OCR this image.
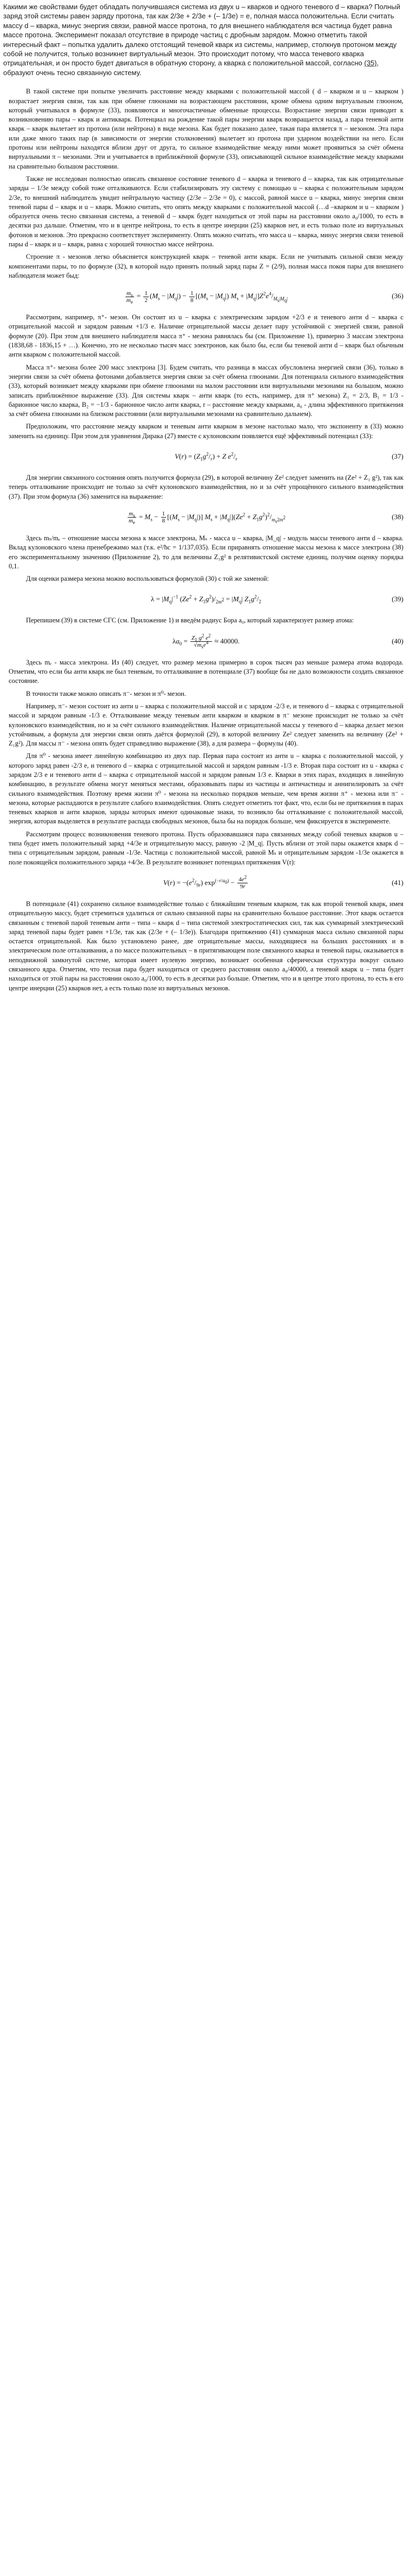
Какими же свойствами будет обладать получившаяся система из двух u – кварков и одного теневого d – кварка? Полный заряд этой системы равен заряду протона, так как 2/3е + 2/3е + (– 1/3е) = е, полная масса положительна. Если считать массу d – кварка, минус энергия связи, равной массе протона, то для внешнего наблюдателя вся частица будет равна массе протона. Эксперимент показал отсутствие в природе частиц с дробным зарядом. Можно отметить такой интересный факт – попытка удалить далеко отстоящий теневой кварк из системы, например, столкнув протоном между собой не получится, только возникнет виртуальный мезон. Это происходит потому, что масса теневого кварка отрицательная, и он просто будет двигаться в обратную сторону, а кварка с положительной массой, согласно (35), образуют очень тесно связанную систему.

В такой системе при попытке увеличить расстояние между кварками с положительной массой ( d – кварком и u – кварком ) возрастает энергия связи, так как при обмене глюонами на возрастающем расстоянии, кроме обмена одним виртуальным глюоном, который учитывался в формуле (33), появляются и многочастичные обменные процессы. Возрастание энергии связи приводит к возникновению пары – кварк и антикварк. Потенциал на рождение такой пары энергии кварк возвращается назад, а пара теневой анти кварк – кварк вылетает из протона (или нейтрона) в виде мезона. Как будет показано далее, такая пара является π – мезоном. Эта пара или даже много таких пар (в зависимости от энергии столкновения) вылетает из протона при ударном воздействии на него. Если протоны или нейтроны находятся вблизи друг от друга, то сильное взаимодействие между ними может проявиться за счёт обмена виртуальными π – мезонами. Эти и учитывается в приближённой формуле (33), описывающей сильное взаимодействие между кварками на сравнительно большом расстоянии.

Также не исследован полностью описать связанное состояние теневого d – кварка и теневого d – кварка, так как отрицательные заряды – 1/3е между собой тоже отталкиваются. Если стабилизировать эту систему с помощью u – кварка с положительным зарядом 2/3е, то внешний наблюдатель увидит нейтральную частицу (2/3е – 2/3е = 0), с массой, равной массе u – кварка, минус энергия связи теневой пары d – кварк и u – кварк. Можно считать, что опять между кварками с положительной массой (…d –кварком и u – кварком ) образуется очень тесно связанная система, а теневой d – кварк будет находиться от этой пары на расстоянии около a₀/1000, то есть в десятки раз дальше. Отметим, что и в центре нейтрона, то есть в центре инерции (25) кварков нет, и есть только поле из виртуальных фотонов и мезонов. Это прекрасно соответствует эксперименту. Опять можно считать, что масса u – кварка, минус энергия связи теневой пары d – кварк и u – кварк, равна с хорошей точностью массе нейтрона.

Строение π - мезонов легко объясняется конструкцией кварк – теневой анти кварк. Если не учитывать сильной связи между компонентами пары, то по формуле (32), в которой надо принять полный заряд пары Z = (2/9), полная масса покоя пары для внешнего наблюдателя может быд:

$\frac{m_s}{m_e} = \frac{1}{2} (M_s - |M_q|) - \frac{1}{8} [(M_s - |M_q|) M_s + |M_q|]Z^2e^4/_{M_s|M_q|}$	(36)

Рассмотрим, например, π⁺- мезон. Он состоит из u – кварка с электрическим зарядом +2/3 е и теневого анти d – кварка с отрицательной массой и зарядом равным +1/3 е. Наличие отрицательной массы делает пару устойчивой с энергией связи, равной формуле (20). При этом для внешнего наблюдателя масса π⁺ - мезона равнялась бы (см. Приложение 1), примерно 3 массам электрона (1838,68 - 1836,15 + …). Конечно, это не несколько тысяч масс электронов, как было бы, если бы теневой анти d – кварк был обычным анти кварком с положительной массой.

Масса π⁺- мезона более 200 масс электрона [3]. Будем считать, что разница в массах обусловлена энергией связи (36), только в энергии связи за счёт обмена фотонами добавляется энергия связи за счёт обмена глюонами. Для потенциала сильного взаимодействия (33), который возникает между кварками при обмене глюонами на малом расстоянии или виртуальными мезонами на большом, можно записать приближённое выражение (33). Для системы кварк – анти кварк (то есть, например, для π⁺ мезона) Z₁ = 2/3, B₁ = 1/3 - барионное число кварка, B₂ = −1/3 - барионное число анти кварка, r – расстояние между кварками, a₀ - длина эффективного притяжения за счёт обмена глюонами на близком расстоянии (или виртуальными мезонами на сравнительно дальнем).

Предположим, что расстояние между кварком и теневым анти кварком в мезоне настолько мало, что экспоненту в (33) можно заменить на единицу. При этом для уравнения Дирака (27) вместе с кулоновским появляется ещё эффективный потенциал (33):

$V(r) = (Z_1g^2/_r) + Z$ $e^2/_r$	(37)

Для энергии связанного состояния опять получится формула (29), в которой величину Ze² следует заменить на (Ze² + Z₁ g²), так как теперь отталкивание происходит не только за счёт кулоновского взаимодействия, но и за счёт упрощённого сильного взаимодействия (37). При этом формула (36) заменится на выражение:

$\frac{m_s}{m_e} = M_s - \frac{1}{8} [(M_s - |M_q|)] M_s + |M_q|](Ze^2 + Z_1g^2)^2/_{m_s2m^2}$	(38)

Здесь mₛ/mₑ – отношение массы мезона к массе электрона, Mₛ - масса u – кварка, |M_q| - модуль массы теневого анти d – кварка. Вклад кулоновского члена пренебрежимо мал (т.к. e²/ħc = 1/137,035). Если приравнять отношение массы мезона к массе электрона (38) его экспериментальному значению (Приложение 2), то для величины Z₁g² в релятивистской системе единиц, получим оценку порядка 0,1.

Для оценки размера мезона можно воспользоваться формулой (30) с той же заменой:

$\lambda = |M_q|^{-1}$ $(Ze^2 + Z_1g^2)/_{2m^2} = |M_q|$ $Z_1g^2/_2$	(39)

Перепишем (39) в системе СГС (см. Приложение 1) и введём радиус Бора a₀, который характеризует размер атома:

$\lambda a_0 = \frac{Z_1 g^2 e^2}{√m_se^4} \approx 40000$.	(40)

Здесь mₑ - масса электрона. Из (40) следует, что размер мезона примерно в сорок тысяч раз меньше размера атома водорода. Отметим, что если бы анти кварк не был теневым, то отталкивание в потенциале (37) вообще бы не дало возможности создать связанное состояние.

В точности также можно описать π⁻- мезон и π⁰- мезон.

Например, π⁻- мезон состоит из анти u – кварка с положительной массой и с зарядом -2/3 е, и теневого d – кварка с отрицательной массой и зарядом равным -1/3 е. Отталкивание между теневым анти кварком и кварком в π⁻ мезоне происходит не только за счёт кулоновского взаимодействия, но и за счёт сильного взаимодействия. Наличие отрицательной массы у теневого d – кварка делает мезон устойчивым, а формула для энергии связи опять даётся формулой (29), в которой величину Ze² следует заменить на величину (Ze² + Z₁g²). Для массы π⁻ - мезона опять будет справедливо выражение (38), а для размера – формулы (40).

Для π⁰ - мезона имеет линейную комбинацию из двух пар. Первая пара состоит из анти u – кварка с положительной массой, у которого заряд равен -2/3 е, и теневого d – кварка с отрицательной массой и зарядом равным -1/3 е. Вторая пара состоит из u - кварка с зарядом 2/3 е и теневого анти d – кварка с отрицательной массой и зарядом равным 1/3 е. Кварки в этих парах, входящих в линейную комбинацию, в результате обмена могут меняться местами, образовывать пары из частицы и античастицы и аннигилировать за счёт сильного взаимодействия. Поэтому время жизни π⁰ - мезона на несколько порядков меньше, чем время жизни π⁺ - мезона или π⁻ - мезона, которые распадаются в результате слабого взаимодействия. Опять следует отметить тот факт, что, если бы не притяжения в парах теневых кварков и анти кварков, заряды которых имеют одинаковые знаки, то возникло бы отталкивание с положительной массой, энергия, которая выделяется в результате распада свободных мезонов, была бы на порядок больше, чем фиксируется в эксперименте.

Рассмотрим процесс возникновения теневого протона. Пусть образовавшаяся пара связанных между собой теневых кварков u – типа будет иметь положительный заряд +4/3е и отрицательную массу, равную -2 |M_q|. Пусть вблизи от этой пары окажется кварк d – типа с отрицательным зарядом, равным -1/3е. Частица с положительной массой, равной Mₛ и отрицательным зарядом -1/3е окажется в поле покоящейся положительного заряда +4/3е. В результате возникнет потенциал притяжения V(r):

$V(r) = -(e^2/_{9r}) \exp^{(-r/a_0)} - \frac{4e^2}{9r}$	(41)

В потенциале (41) сохранено сильное взаимодействие только с ближайшим теневым кварком, так как второй теневой кварк, имея отрицательную массу, будет стремиться удалиться от сильно связанной пары на сравнительно большое расстояние. Этот кварк остается связанным с теневой парой теневым анти – типа – кварк d – типа системой электростатических сил, так как суммарный электрический заряд теневой пары будет равен +1/3е, так как (2/3е + (– 1/3е)). Благодаря притяжению (41) суммарная масса сильно связанной пары остается отрицательной. Как было установлено ранее, две отрицательные массы, находящиеся на больших расстояниях и в электрическом поле отталкивания, а по массе положительных – в притягивающем поле связанного кварка и теневой пары, оказывается в неподвижной замкнутой системе, которая имеет нулевую энергию, возникает особенная сферическая структура вокруг сильно связанного ядра. Отметим, что тесная пара будет находиться от среднего расстояния около a₀/40000, а теневой кварк u – типа будет находиться от этой пары на расстоянии около a₀/1000, то есть в десятки раз больше. Отметим, что и в центре этого протона, то есть в его центре инерции (25) кварков нет, а есть только поле из виртуальных мезонов.
